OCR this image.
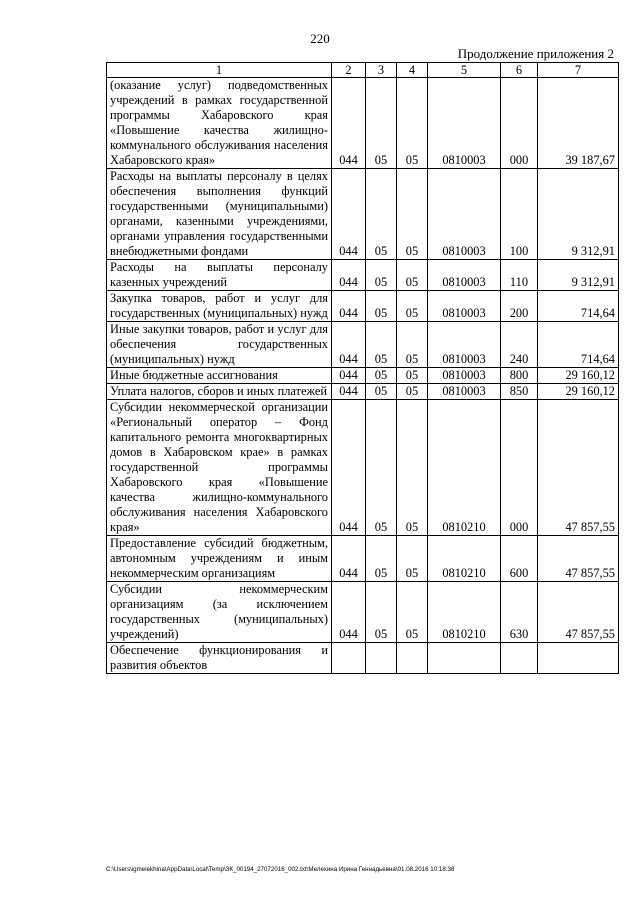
220
Продолжение приложения 2
1	2	3	4	5	6	7
(оказание услуг) подведомственных учреждений в рамках государственной программы Хабаровского края «Повышение качества жилищно-коммунального обслуживания населения Хабаровского края»	044	05	05	0810003	000	39 187,67
Расходы на выплаты персоналу в целях обеспечения выполнения функций государственными (муниципальными) органами, казенными учреждениями, органами управления государственными внебюджетными фондами	044	05	05	0810003	100	9 312,91
Расходы на выплаты персоналу казенных учреждений	044	05	05	0810003	110	9 312,91
Закупка товаров, работ и услуг для государственных (муниципальных) нужд	044	05	05	0810003	200	714,64
Иные закупки товаров, работ и услуг для обеспечения государственных (муниципальных) нужд	044	05	05	0810003	240	714,64
Иные бюджетные ассигнования	044	05	05	0810003	800	29 160,12
Уплата налогов, сборов и иных платежей	044	05	05	0810003	850	29 160,12
Субсидии некоммерческой организации «Региональный оператор – Фонд капитального ремонта многоквартирных домов в Хабаровском крае» в рамках государственной программы Хабаровского края «Повышение качества жилищно-коммунального обслуживания населения Хабаровского края»	044	05	05	0810210	000	47 857,55
Предоставление субсидий бюджетным, автономным учреждениям и иным некоммерческим организациям	044	05	05	0810210	600	47 857,55
Субсидии некоммерческим организациям (за исключением государственных (муниципальных) учреждений)	044	05	05	0810210	630	47 857,55
Обеспечение функционирования и развития объектов						
C:\Users\igmelekhina\AppData\Local\Temp\ЗК_00194_27072016_002.txt\Мелехина Ирина Геннадьевна\01.08.2016 10:18:38
